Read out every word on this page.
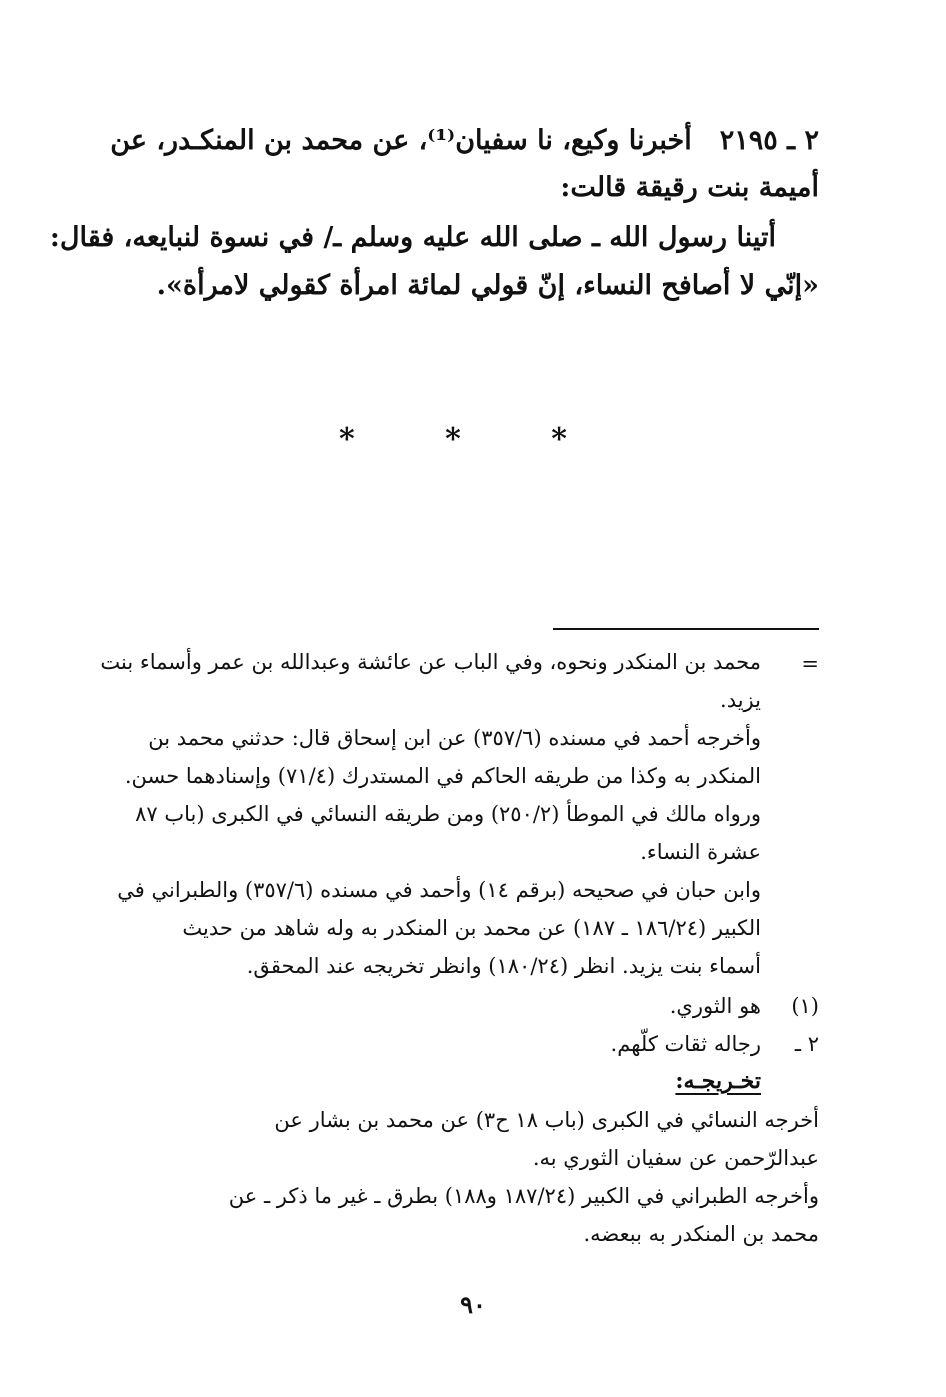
٢ ـ ٢١٩٥أخبرنا وكيع، نا سفيان⁽¹⁾، عن محمد بن المنكـدر، عن
أميمة بنت رقيقة قالت:
أتينا رسول الله ـ صلى الله عليه وسلم ـ/ في نسوة لنبايعه، فقال:
«إنّي لا أصافح النساء، إنّ قولي لمائة امرأة كقولي لامرأة».
* * *
=
محمد بن المنكدر ونحوه، وفي الباب عن عائشة وعبدالله بن عمر وأسماء بنت
يزيد.
وأخرجه أحمد في مسنده (٣٥٧/٦) عن ابن إسحاق قال: حدثني محمد بن
المنكدر به وكذا من طريقه الحاكم في المستدرك (٧١/٤) وإسنادهما حسن.
ورواه مالك في الموطأ (٢٥٠/٢) ومن طريقه النسائي في الكبرى (باب ٨٧
عشرة النساء.
وابن حبان في صحيحه (برقم ١٤) وأحمد في مسنده (٣٥٧/٦) والطبراني في
الكبير (١٨٦/٢٤ ـ ١٨٧) عن محمد بن المنكدر به وله شاهد من حديث
أسماء بنت يزيد. انظر (١٨٠/٢٤) وانظر تخريجه عند المحقق.
(١)
هو الثوري.
٢ ـ
رجاله ثقات كلّهم.
تخـريجـه:
أخرجه النسائي في الكبرى (باب ١٨ ح٣) عن محمد بن بشار عن
عبدالرّحمن عن سفيان الثوري به.
وأخرجه الطبراني في الكبير (١٨٧/٢٤ و١٨٨) بطرق ـ غير ما ذكر ـ عن
محمد بن المنكدر به ببعضه.
٩٠
